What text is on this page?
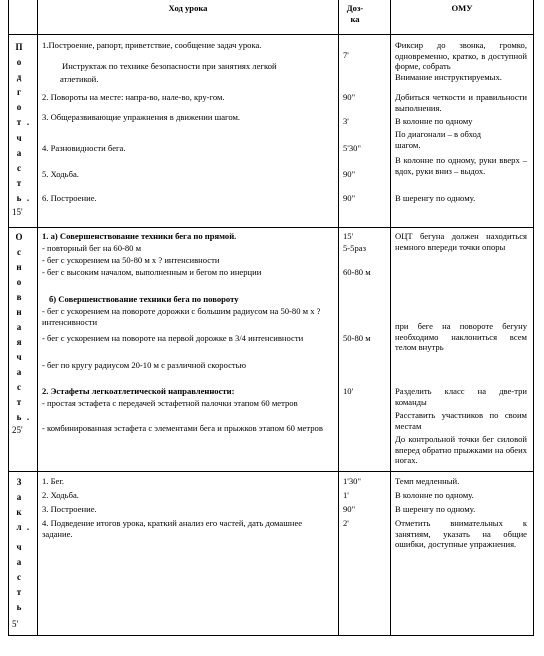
Ход урока	Доз-ка
ОМУ
П
о
д
г
о
т .
ч
а
с
т
ь .
15'
1.Построение, рапорт, приветствие, сообщение задач урока.
Инструктаж по технике безопасности при занятиях легкой
атлетикой.
2. Повороты на месте: напра-во, нале-во, кру-гом.
3. Общеразвивающие упражнения в движении шагом.
4. Разновидности бега.
5. Ходьба.
6. Построение.
7'
90"
3'
5'30"
90"
90"
Фиксир до звонка, громко, одновременно, кратко, в доступной форме, собрать
Внимание инструктируемых.
Добиться четкости и правильности выполнения.
В колонне по одному
По диагонали – в обход
шагом.
В колонне по одному, руки вверх – вдох, руки вниз – выдох.
В шеренгу по одному.
О
с
н
о
в
н
а
я
ч
а
с
т
ь .
25'
1. а) Совершенствование техники бега по прямой.
- повторный бег на 60-80 м
- бег с ускорением на 50-80 м х ? интенсивности
- бег с высоким началом, выполненным и бегом по инерции
б) Совершенствование техники бега по повороту
- бег с ускорением на повороте дорожки с большим радиусом на 50-80 м х ? интенсивности
- бег с ускорением на повороте на первой дорожке в 3/4 интенсивности
- бег по кругу радиусом 20-10 м с различной скоростью
2. Эстафеты легкоатлетической направленности:
- простая эстафета с передачей эстафетной палочки этапом 60 метров
- комбинированная эстафета с элементами бега и прыжков этапом 60 метров
15'
5-5раз
60-80 м
50-80 м
10'
ОЦТ бегуна должен находиться немного впереди точки опоры
при беге на повороте бегуну необходимо наклониться всем телом внутрь
Разделить класс на две-три команды
Расставить участников по своим местам
До контрольной точки бег силовой вперед обратно прыжками на обеих ногах.
З
а
к
л .
ч
а
с
т
ь
5'
1. Бег.
2. Ходьба.
3. Построение.
4. Подведение итогов урока, краткий анализ его частей, дать домашнее задание.
1'30"
1'
90"
2'
Темп медленный.
В колонне по одному.
В шеренгу по одному.
Отметить внимательных к занятиям, указать на общие ошибки, доступные упражнения.
